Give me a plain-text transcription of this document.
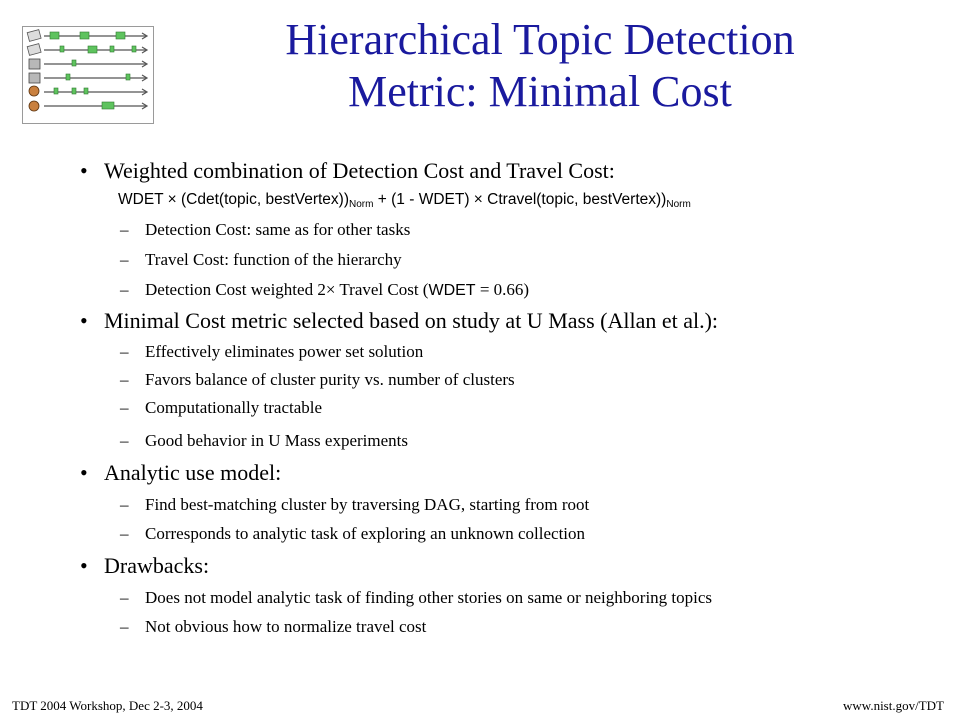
Hierarchical Topic Detection
Metric: Minimal Cost
• Weighted combination of Detection Cost and Travel Cost:
WDET × (Cdet(topic, $bestVertex))_{Norm} + (1$ - WDET) × Ctravel(topic, $bestVertex))_{Norm}$
– Detection Cost: same as for other tasks
– Travel Cost: function of the hierarchy
– Detection Cost weighted 2× Travel Cost (WDET = 0.66)
• Minimal Cost metric selected based on study at U Mass (Allan et al.):
– Effectively eliminates power set solution
– Favors balance of cluster purity vs. number of clusters
– Computationally tractable
– Good behavior in U Mass experiments
• Analytic use model:
– Find best-matching cluster by traversing DAG, starting from root
– Corresponds to analytic task of exploring an unknown collection
• Drawbacks:
– Does not model analytic task of finding other stories on same or neighboring topics
– Not obvious how to normalize travel cost
TDT 2004 Workshop, Dec 2-3, 2004	www.nist.gov/TDT
